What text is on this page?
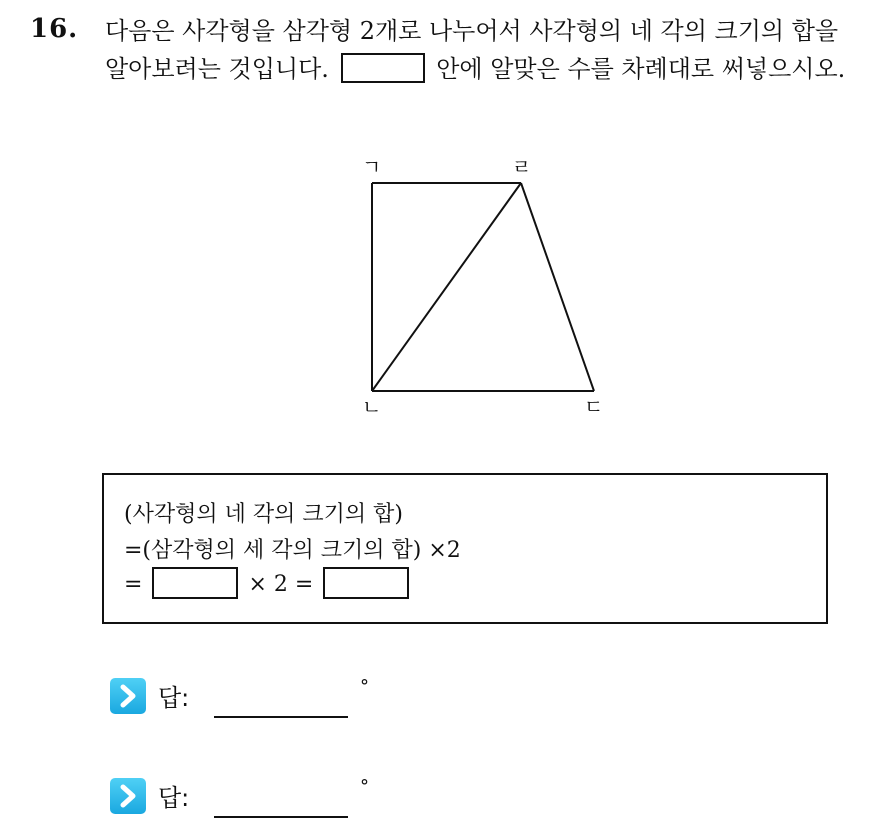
16. 다음은 사각형을 삼각형 2개로 나누어서 사각형의 네 각의 크기의 합을
알아보려는 것입니다.	안에 알맞은 수를 차례대로 써넣으시오.
ㄱ	ㄹ
ㄴ	ㄷ
(사각형의 네 각의 크기의 합)
=(삼각형의 세 각의 크기의 합) ×2
=	× 2 =
답:	°
답:	°
